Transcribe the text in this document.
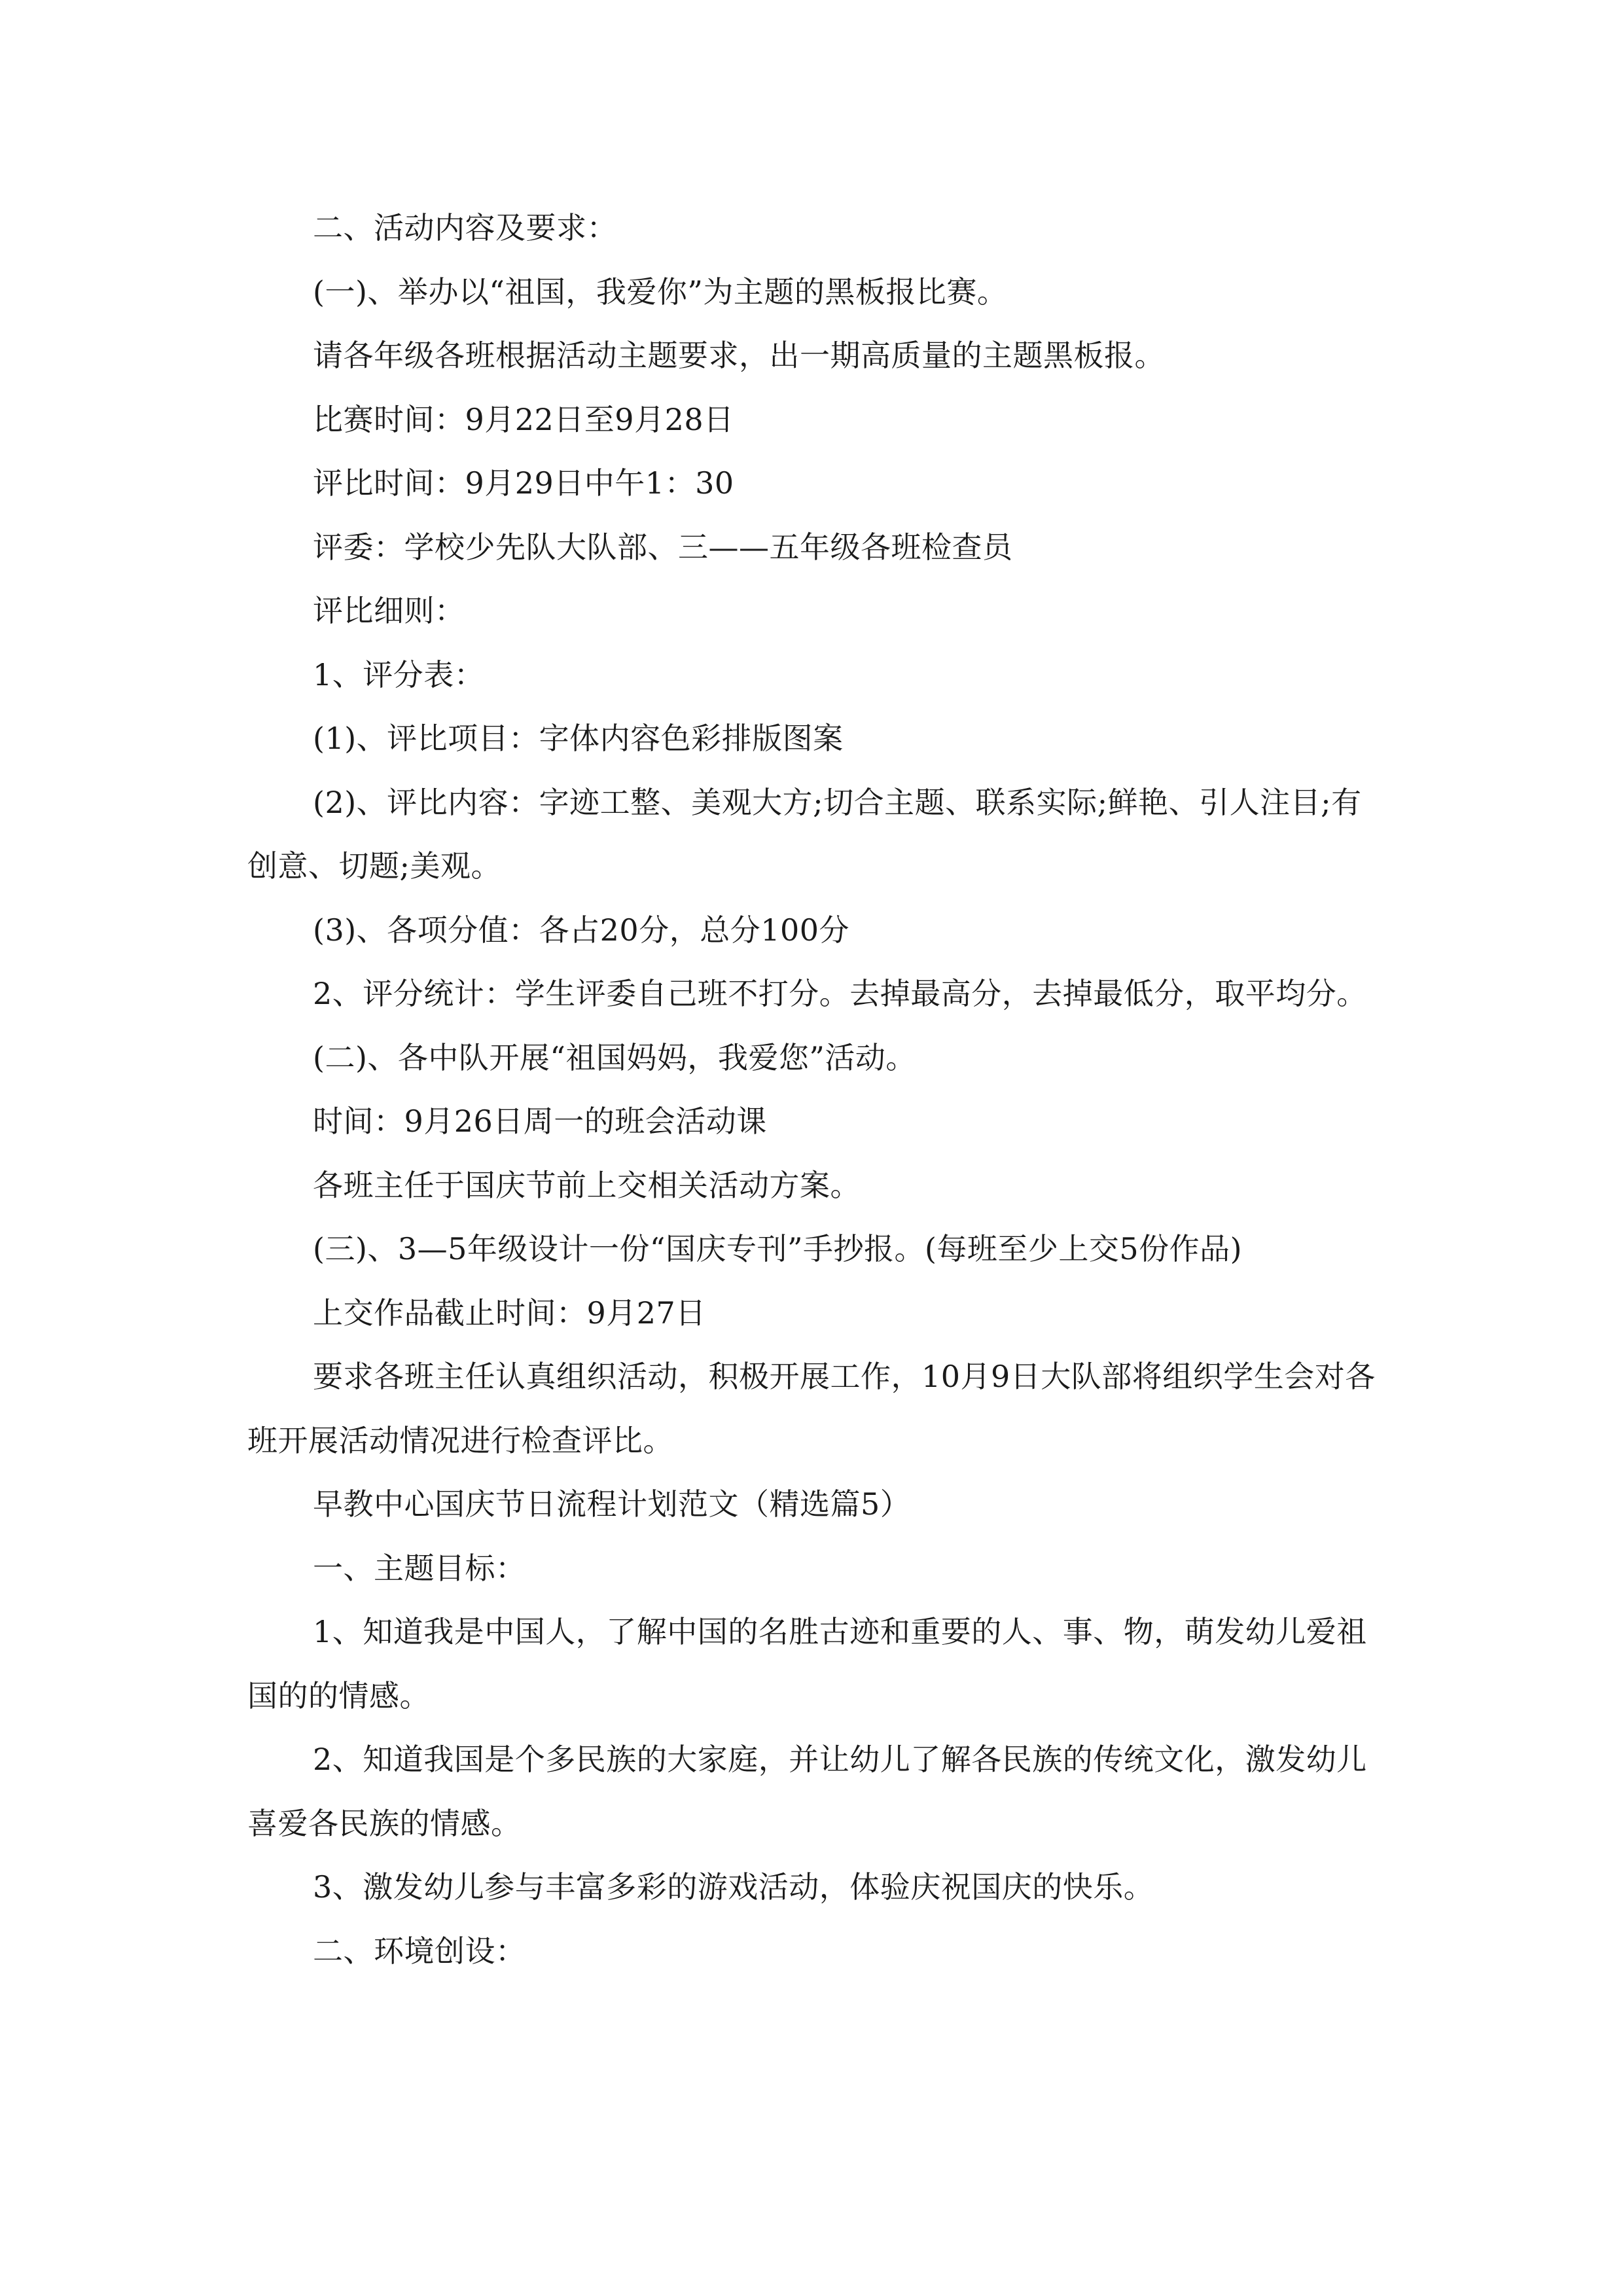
二、活动内容及要求：

(一)、举办以“祖国，我爱你”为主题的黑板报比赛。

请各年级各班根据活动主题要求，出一期高质量的主题黑板报。

比赛时间：9月22日至9月28日

评比时间：9月29日中午1：30

评委：学校少先队大队部、三——五年级各班检查员

评比细则：

1、评分表：

(1)、评比项目：字体内容色彩排版图案

(2)、评比内容：字迹工整、美观大方;切合主题、联系实际;鲜艳、引人注目;有创意、切题;美观。

(3)、各项分值：各占20分，总分100分

2、评分统计：学生评委自己班不打分。去掉最高分，去掉最低分，取平均分。

(二)、各中队开展“祖国妈妈，我爱您”活动。

时间：9月26日周一的班会活动课

各班主任于国庆节前上交相关活动方案。

(三)、3—5年级设计一份“国庆专刊”手抄报。(每班至少上交5份作品)

上交作品截止时间：9月27日

要求各班主任认真组织活动，积极开展工作，10月9日大队部将组织学生会对各班开展活动情况进行检查评比。

早教中心国庆节日流程计划范文（精选篇5）

一、主题目标：

1、知道我是中国人，了解中国的名胜古迹和重要的人、事、物，萌发幼儿爱祖国的的情感。

2、知道我国是个多民族的大家庭，并让幼儿了解各民族的传统文化，激发幼儿喜爱各民族的情感。

3、激发幼儿参与丰富多彩的游戏活动，体验庆祝国庆的快乐。

二、环境创设：
